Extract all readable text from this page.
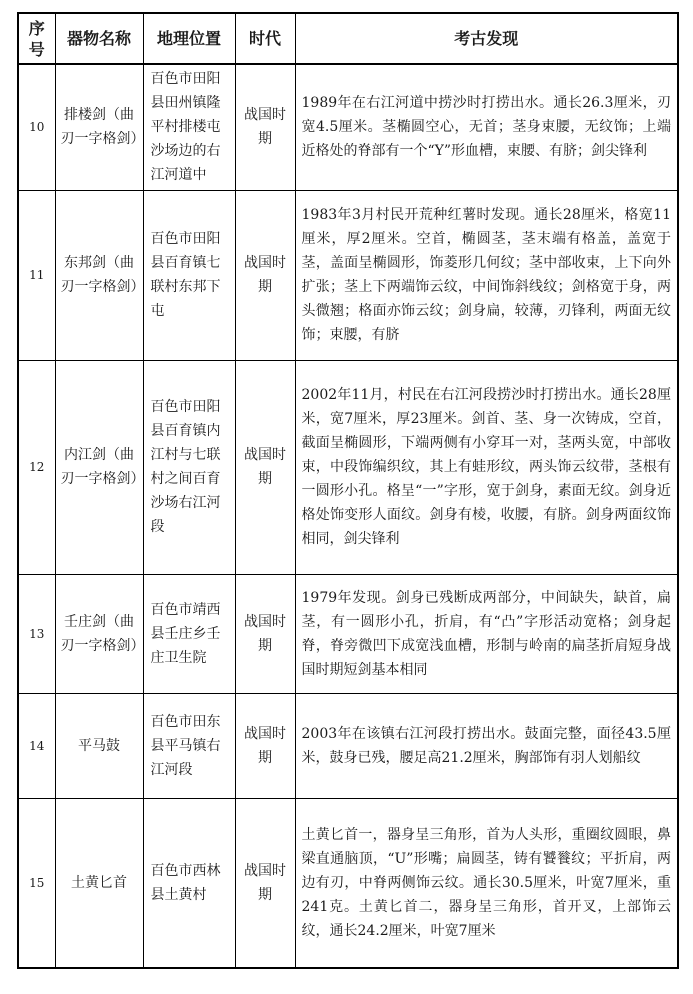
序号	器物名称	地理位置	时代	考古发现
10	排楼剑（曲刃一字格剑）	百色市田阳县田州镇隆平村排楼屯沙场边的右江河道中	战国时期	1989年在右江河道中捞沙时打捞出水。通长26.3厘米，刃宽4.5厘米。茎椭圆空心，无首；茎身束腰，无纹饰；上端近格处的脊部有一个“Y”形血槽，束腰、有脐；剑尖锋利
11	东邦剑（曲刃一字格剑）	百色市田阳县百育镇七联村东邦下屯	战国时期	1983年3月村民开荒种红薯时发现。通长28厘米，格宽11厘米，厚2厘米。空首，椭圆茎，茎末端有格盖，盖宽于茎，盖面呈椭圆形，饰菱形几何纹；茎中部收束，上下向外扩张；茎上下两端饰云纹，中间饰斜线纹；剑格宽于身，两头微翘；格面亦饰云纹；剑身扁，较薄，刃锋利，两面无纹饰；束腰，有脐
12	内江剑（曲刃一字格剑）	百色市田阳县百育镇内江村与七联村之间百育沙场右江河段	战国时期	2002年11月，村民在右江河段捞沙时打捞出水。通长28厘米，宽7厘米，厚23厘米。剑首、茎、身一次铸成，空首，截面呈椭圆形，下端两侧有小穿耳一对，茎两头宽，中部收束，中段饰编织纹，其上有蛙形纹，两头饰云纹带，茎根有一圆形小孔。格呈“一”字形，宽于剑身，素面无纹。剑身近格处饰变形人面纹。剑身有棱，收腰，有脐。剑身两面纹饰相同，剑尖锋利
13	壬庄剑（曲刃一字格剑）	百色市靖西县壬庄乡壬庄卫生院	战国时期	1979年发现。剑身已残断成两部分，中间缺失，缺首，扁茎，有一圆形小孔，折肩，有“凸”字形活动宽格；剑身起脊，脊旁微凹下成宽浅血槽，形制与岭南的扁茎折肩短身战国时期短剑基本相同
14	平马鼓	百色市田东县平马镇右江河段	战国时期	2003年在该镇右江河段打捞出水。鼓面完整，面径43.5厘米，鼓身已残，腰足高21.2厘米，胸部饰有羽人划船纹
15	土黄匕首	百色市西林县土黄村	战国时期	土黄匕首一，器身呈三角形，首为人头形，重圈纹圆眼，鼻梁直通脑顶，“U”形嘴；扁圆茎，铸有饕餮纹；平折肩，两边有刃，中脊两侧饰云纹。通长30.5厘米，叶宽7厘米，重241克。土黄匕首二，器身呈三角形，首开叉，上部饰云纹，通长24.2厘米，叶宽7厘米
